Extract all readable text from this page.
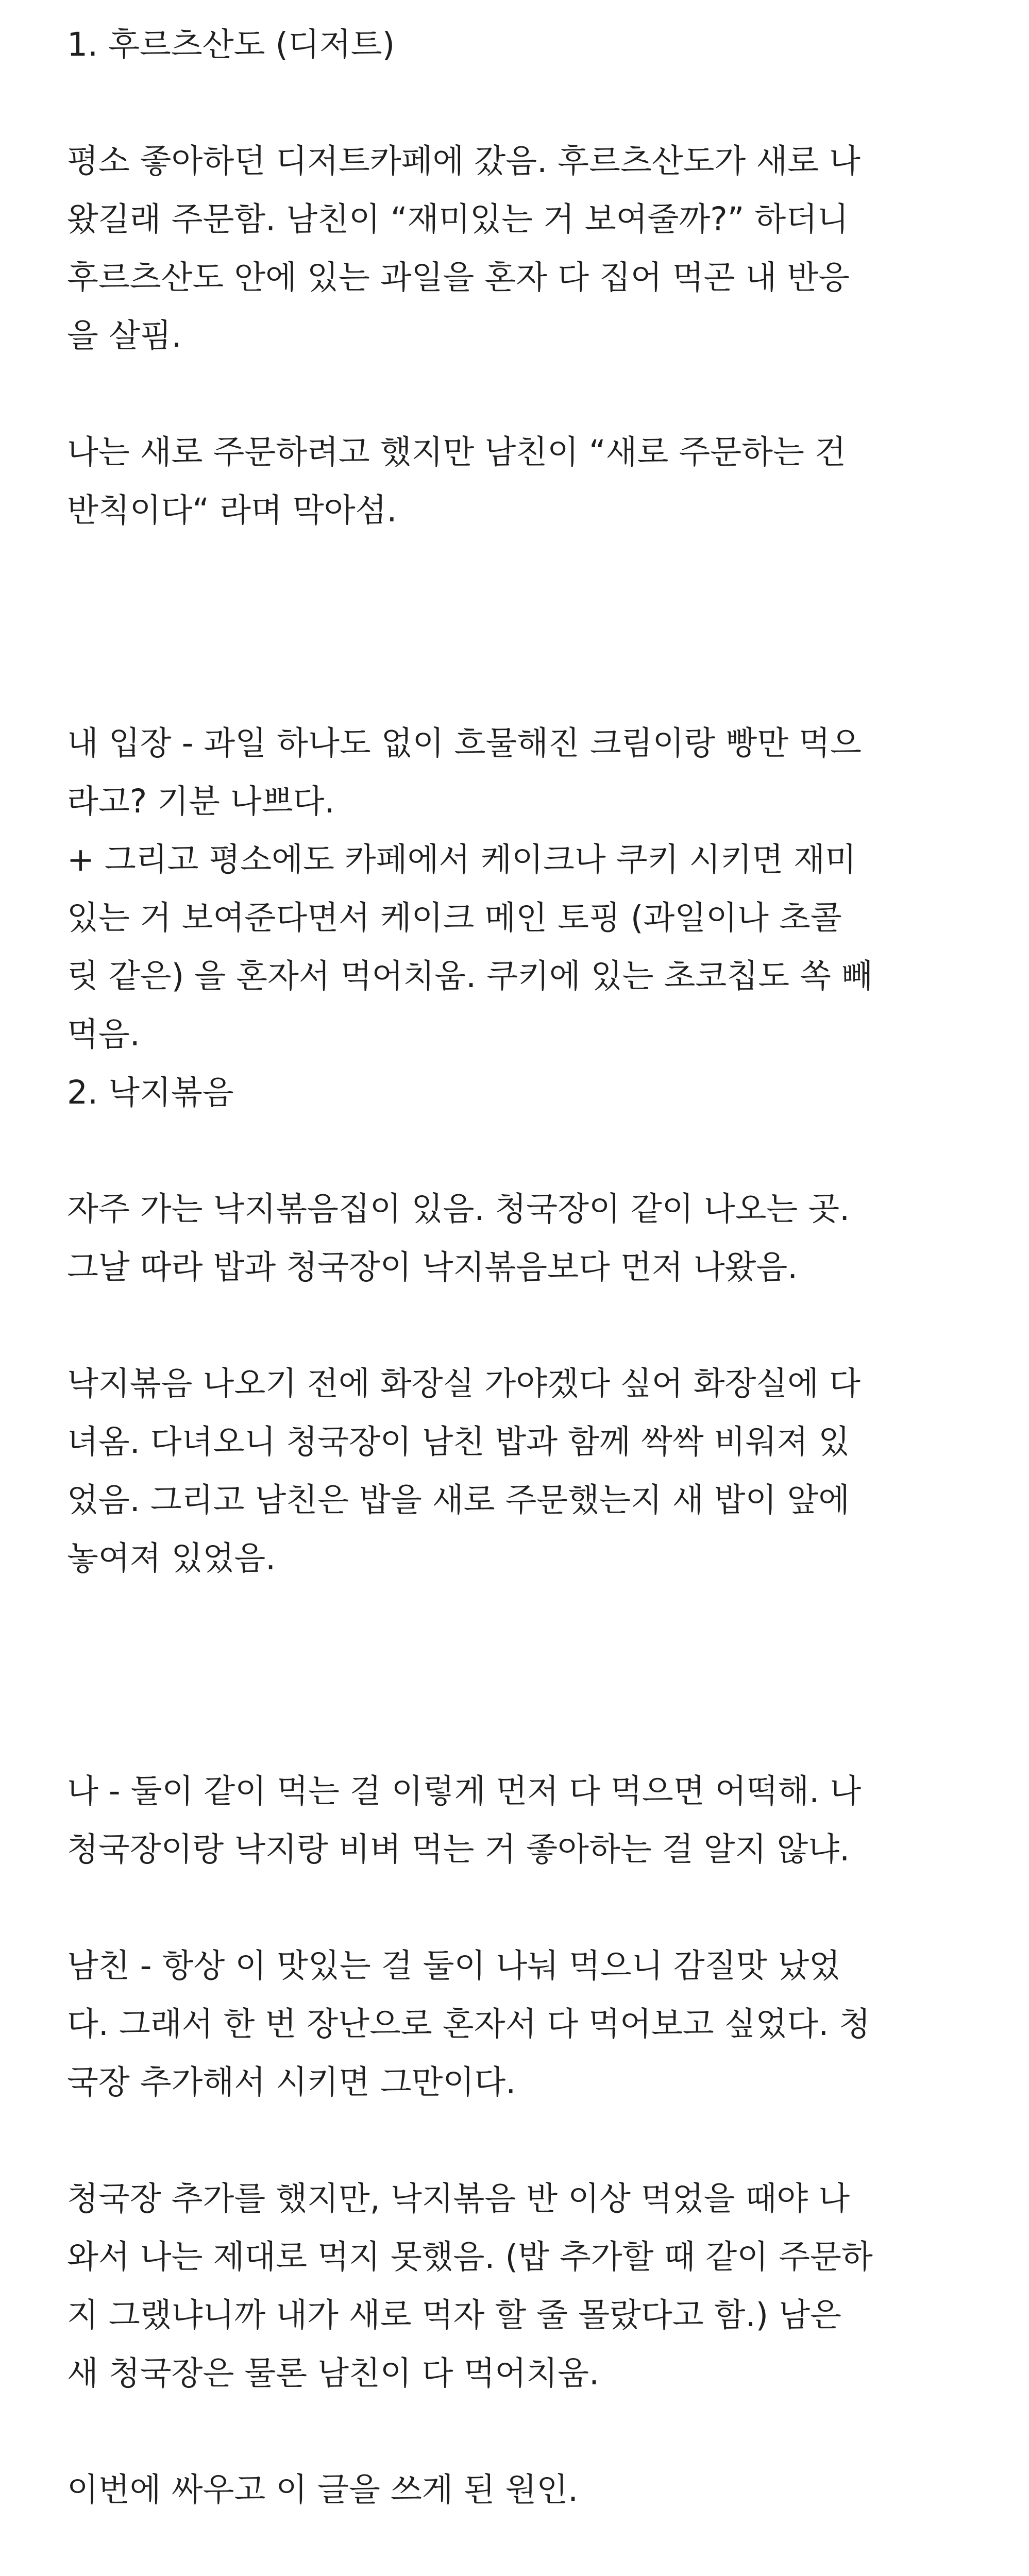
1. 후르츠산도 (디저트)

평소 좋아하던 디저트카페에 갔음. 후르츠산도가 새로 나

왔길래 주문함. 남친이 “재미있는 거 보여줄까?” 하더니

후르츠산도 안에 있는 과일을 혼자 다 집어 먹곤 내 반응

을 살핌.

나는 새로 주문하려고 했지만 남친이 “새로 주문하는 건

반칙이다“ 라며 막아섬.

내 입장 - 과일 하나도 없이 흐물해진 크림이랑 빵만 먹으

라고? 기분 나쁘다.

+ 그리고 평소에도 카페에서 케이크나 쿠키 시키면 재미

있는 거 보여준다면서 케이크 메인 토핑 (과일이나 초콜

릿 같은) 을 혼자서 먹어치움. 쿠키에 있는 초코칩도 쏙 빼

먹음.

2. 낙지볶음

자주 가는 낙지볶음집이 있음. 청국장이 같이 나오는 곳.

그날 따라 밥과 청국장이 낙지볶음보다 먼저 나왔음.

낙지볶음 나오기 전에 화장실 가야겠다 싶어 화장실에 다

녀옴. 다녀오니 청국장이 남친 밥과 함께 싹싹 비워져 있

었음. 그리고 남친은 밥을 새로 주문했는지 새 밥이 앞에

놓여져 있었음.

나 - 둘이 같이 먹는 걸 이렇게 먼저 다 먹으면 어떡해. 나

청국장이랑 낙지랑 비벼 먹는 거 좋아하는 걸 알지 않냐.

남친 - 항상 이 맛있는 걸 둘이 나눠 먹으니 감질맛 났었

다. 그래서 한 번 장난으로 혼자서 다 먹어보고 싶었다. 청

국장 추가해서 시키면 그만이다.

청국장 추가를 했지만, 낙지볶음 반 이상 먹었을 때야 나

와서 나는 제대로 먹지 못했음. (밥 추가할 때 같이 주문하

지 그랬냐니까 내가 새로 먹자 할 줄 몰랐다고 함.) 남은

새 청국장은 물론 남친이 다 먹어치움.

이번에 싸우고 이 글을 쓰게 된 원인.
